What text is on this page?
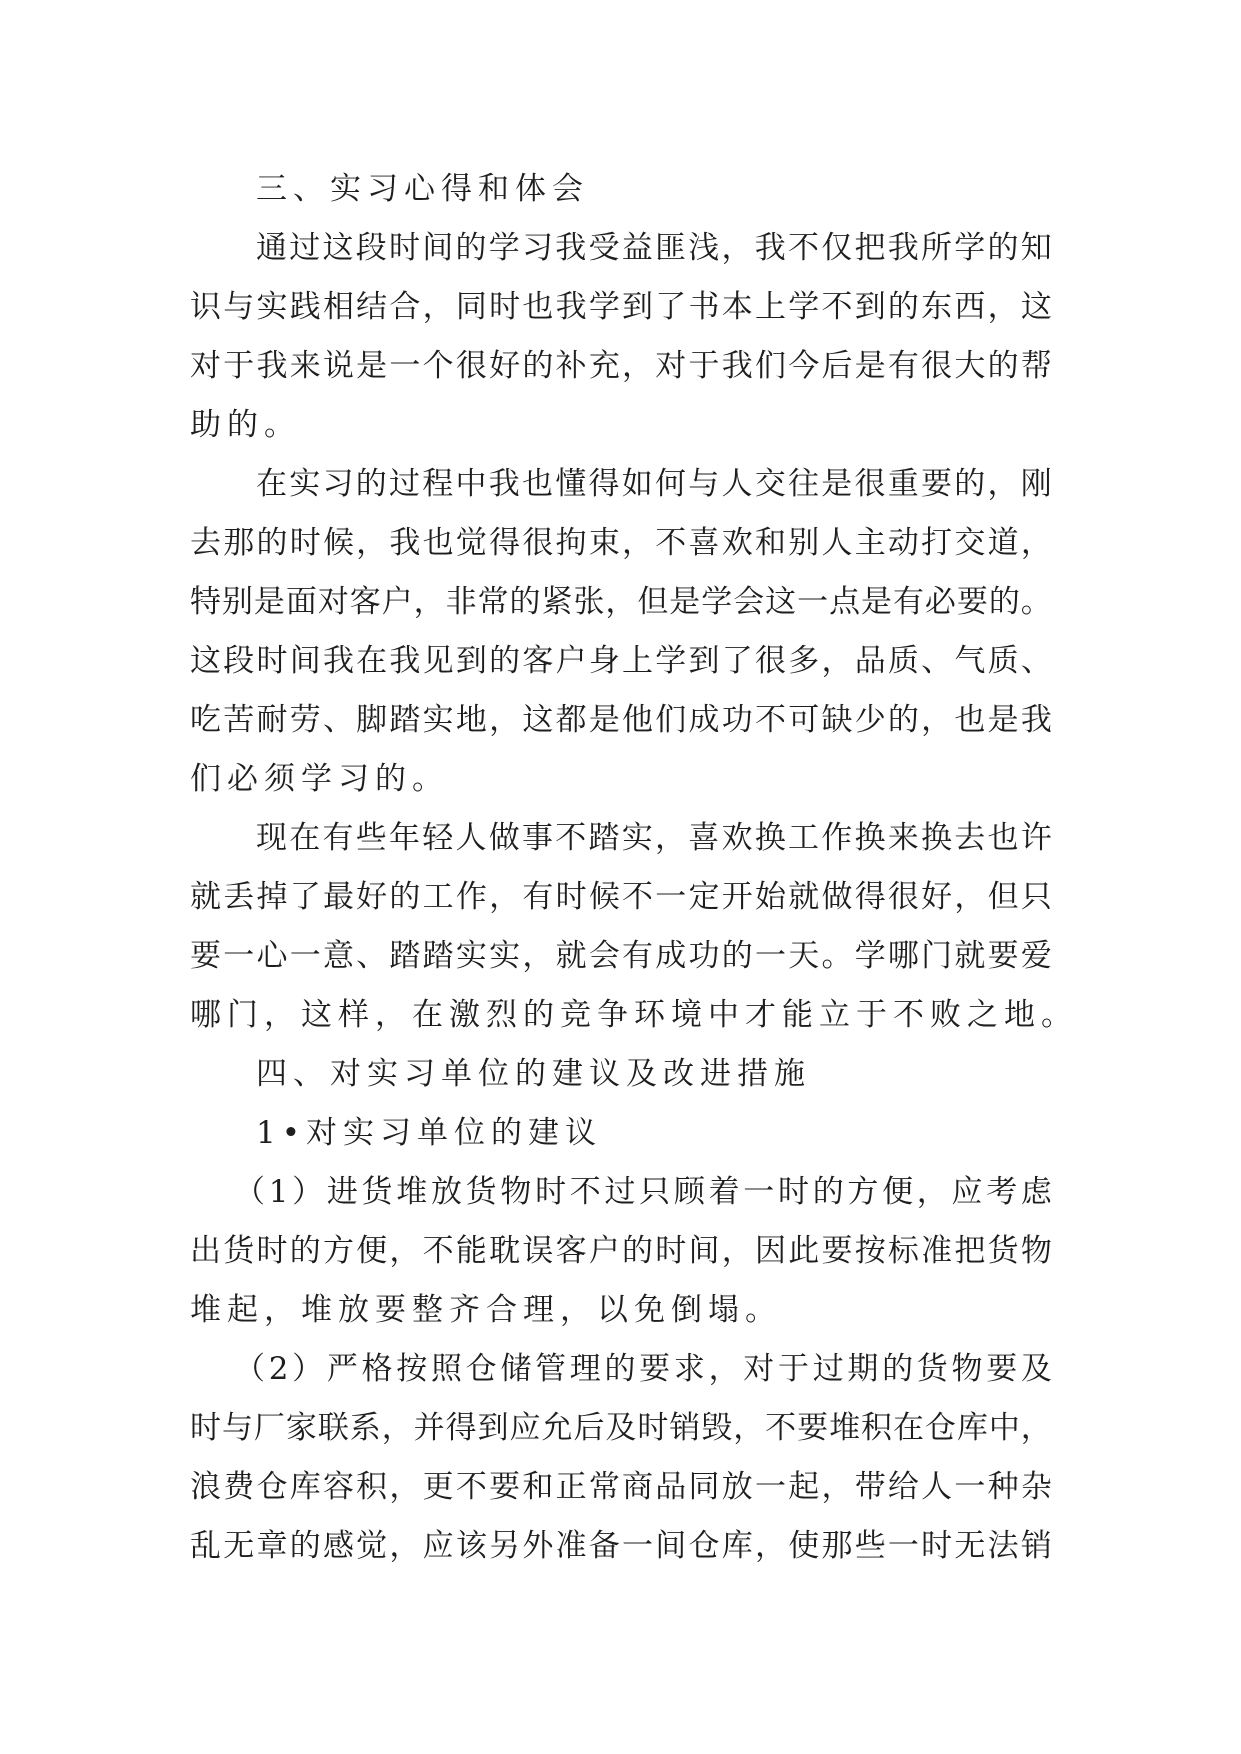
三、实习心得和体会
通 过 这 段 时 间 的 学 习 我 受 益 匪 浅 ， 我 不 仅 把 我 所 学 的 知
识 与 实 践 相 结 合 ， 同 时 也 我 学 到 了 书 本 上 学 不 到 的 东 西 ， 这
对 于 我 来 说 是 一 个 很 好 的 补 充 ， 对 于 我 们 今 后 是 有 很 大 的 帮
助的。
在 实 习 的 过 程 中 我 也 懂 得 如 何 与 人 交 往 是 很 重 要 的 ， 刚
去 那 的 时 候 ， 我 也 觉 得 很 拘 束 ， 不 喜 欢 和 别 人 主 动 打 交 道 ，
特 别 是 面 对 客 户 ， 非 常 的 紧 张 ， 但 是 学 会 这 一 点 是 有 必 要 的 。
这 段 时 间 我 在 我 见 到 的 客 户 身 上 学 到 了 很 多 ， 品 质 、 气 质 、
吃 苦 耐 劳 、 脚 踏 实 地 ， 这 都 是 他 们 成 功 不 可 缺 少 的 ， 也 是 我
们必须学习的。
现 在 有 些 年 轻 人 做 事 不 踏 实 ， 喜 欢 换 工 作 换 来 换 去 也 许
就 丢 掉 了 最 好 的 工 作 ， 有 时 候 不 一 定 开 始 就 做 得 很 好 ， 但 只
要 一 心 一 意 、 踏 踏 实 实 ， 就 会 有 成 功 的 一 天 。 学 哪 门 就 要 爱
哪门，这样，在激烈的竞争环境中才能立于不败之地。
四、对实习单位的建议及改进措施
1•对实习单位的建议
（ 1 ） 进 货 堆 放 货 物 时 不 过 只 顾 着 一 时 的 方 便 ， 应 考 虑
出 货 时 的 方 便 ， 不 能 耽 误 客 户 的 时 间 ， 因 此 要 按 标 准 把 货 物
堆起，堆放要整齐合理，以免倒塌。
（ 2 ） 严 格 按 照 仓 储 管 理 的 要 求 ， 对 于 过 期 的 货 物 要 及
时 与 厂 家 联 系 ， 并 得 到 应 允 后 及 时 销 毁 ， 不 要 堆 积 在 仓 库 中 ，
浪 费 仓 库 容 积 ， 更 不 要 和 正 常 商 品 同 放 一 起 ， 带 给 人 一 种 杂
乱 无 章 的 感 觉 ， 应 该 另 外 准 备 一 间 仓 库 ， 使 那 些 一 时 无 法 销
